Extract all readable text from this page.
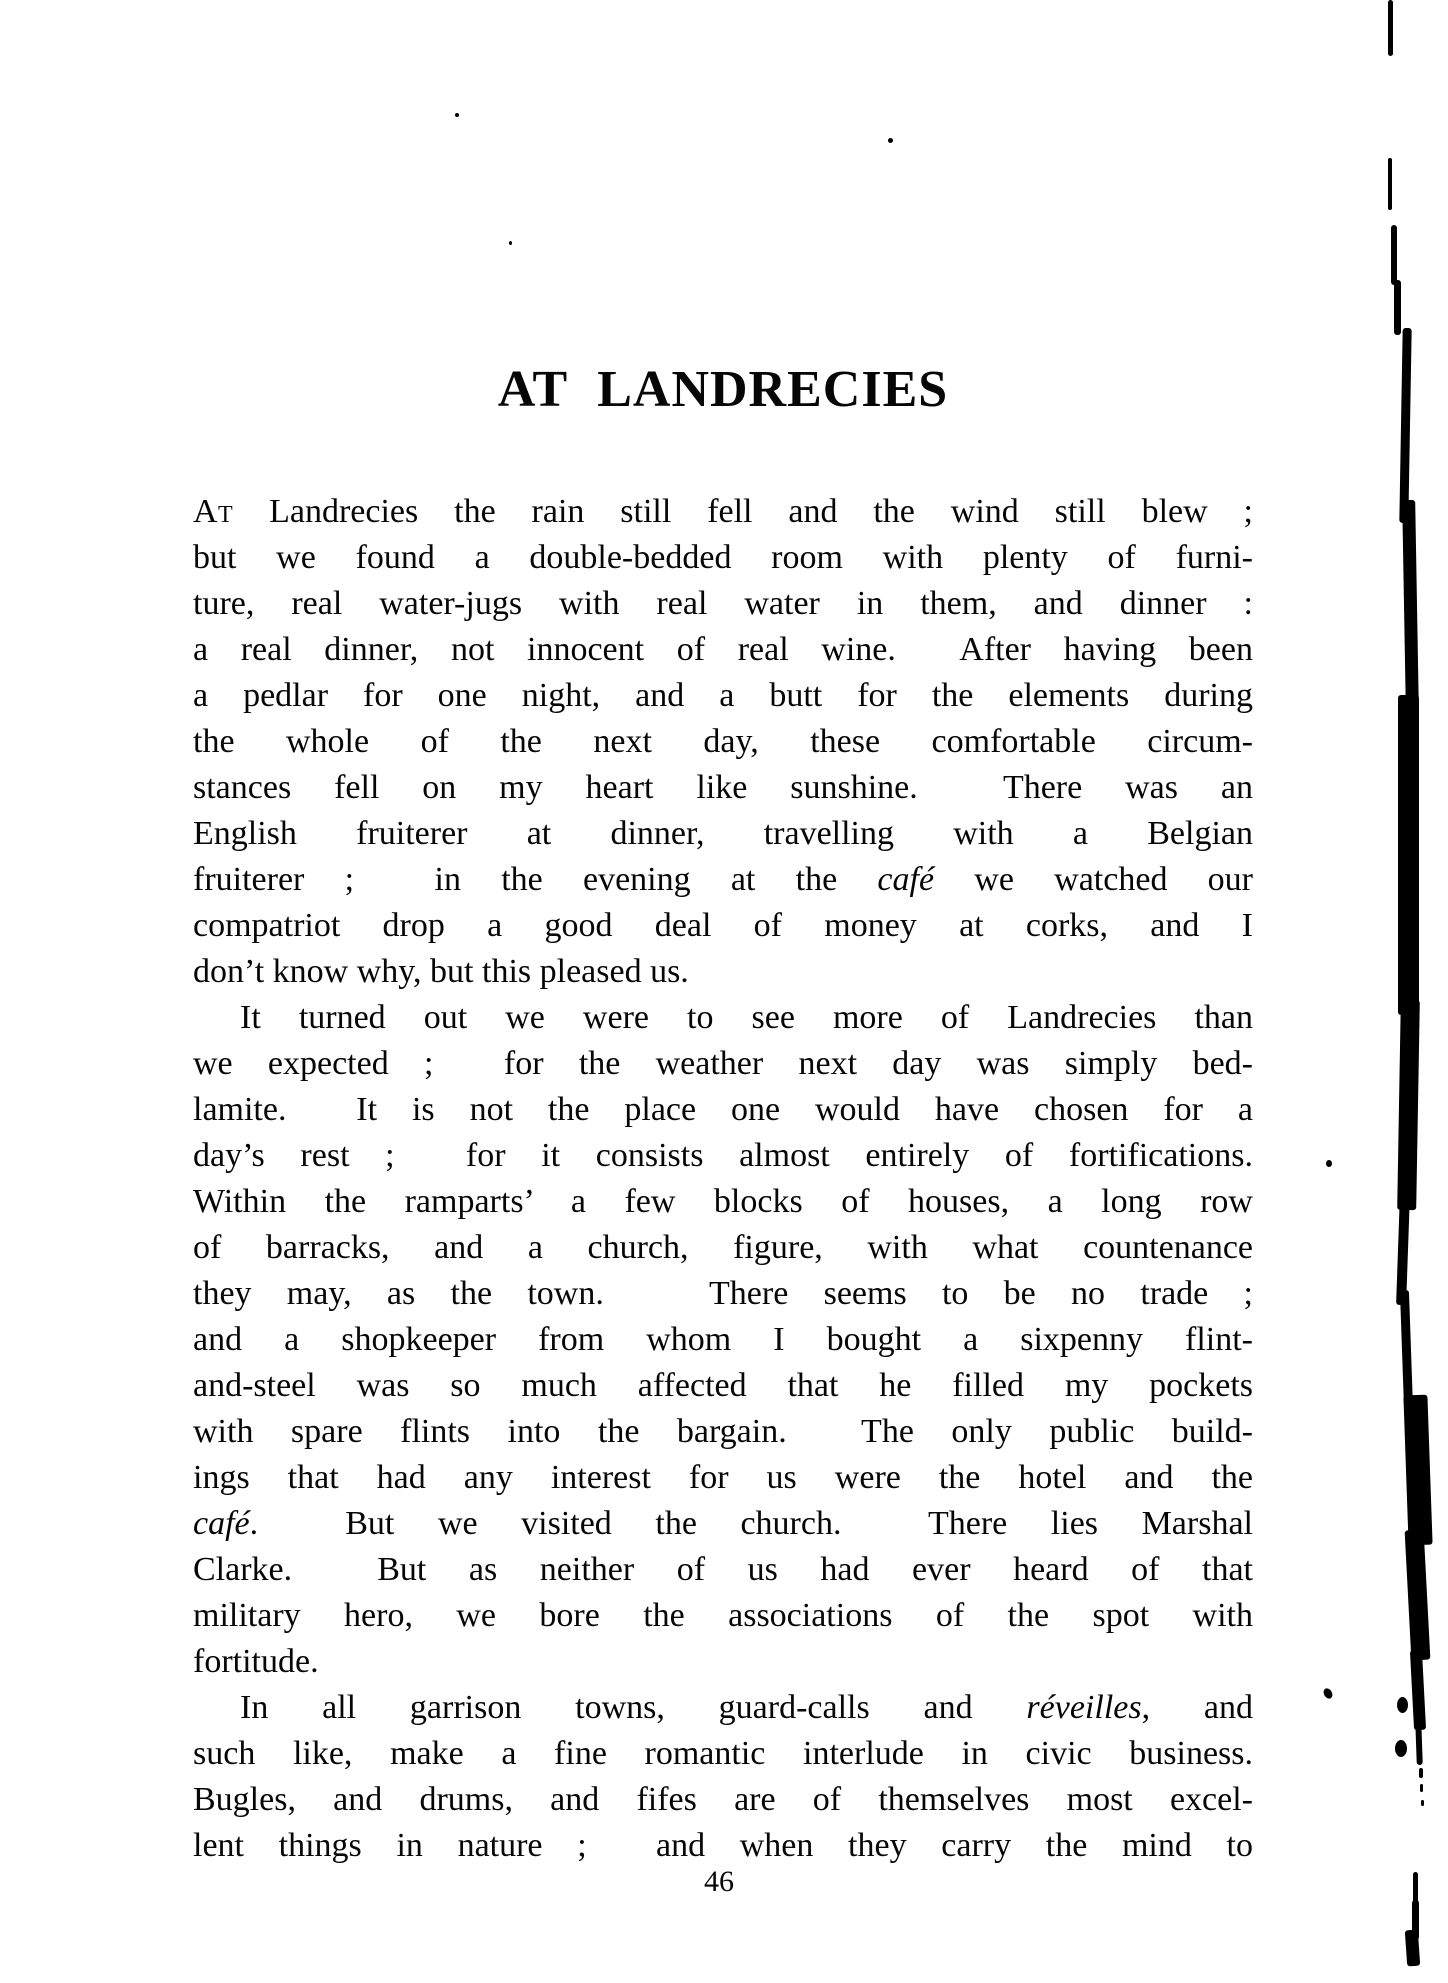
AT LANDRECIES
At Landrecies the rain still fell and the wind still blew ;
but we found a double-bedded room with plenty of furni-
ture, real water-jugs with real water in them, and dinner :
a real dinner, not innocent of real wine.  After having been
a pedlar for one night, and a butt for the elements during
the whole of the next day, these comfortable circum-
stances fell on my heart like sunshine.  There was an
English fruiterer at dinner, travelling with a Belgian
fruiterer ;  in the evening at the café we watched our
compatriot drop a good deal of money at corks, and I
don’t know why, but this pleased us.
It turned out we were to see more of Landrecies than
we expected ;  for the weather next day was simply bed-
lamite.  It is not the place one would have chosen for a
day’s rest ;  for it consists almost entirely of fortifications.
Within the ramparts’ a few blocks of houses, a long row
of barracks, and a church, figure, with what countenance
they may, as the town.   There seems to be no trade ;
and a shopkeeper from whom I bought a sixpenny flint-
and-steel was so much affected that he filled my pockets
with spare flints into the bargain.  The only public build-
ings that had any interest for us were the hotel and the
café.  But we visited the church.  There lies Marshal
Clarke.  But as neither of us had ever heard of that
military hero, we bore the associations of the spot with
fortitude.
In all garrison towns, guard-calls and réveilles, and
such like, make a fine romantic interlude in civic business.
Bugles, and drums, and fifes are of themselves most excel-
lent things in nature ;  and when they carry the mind to
46
